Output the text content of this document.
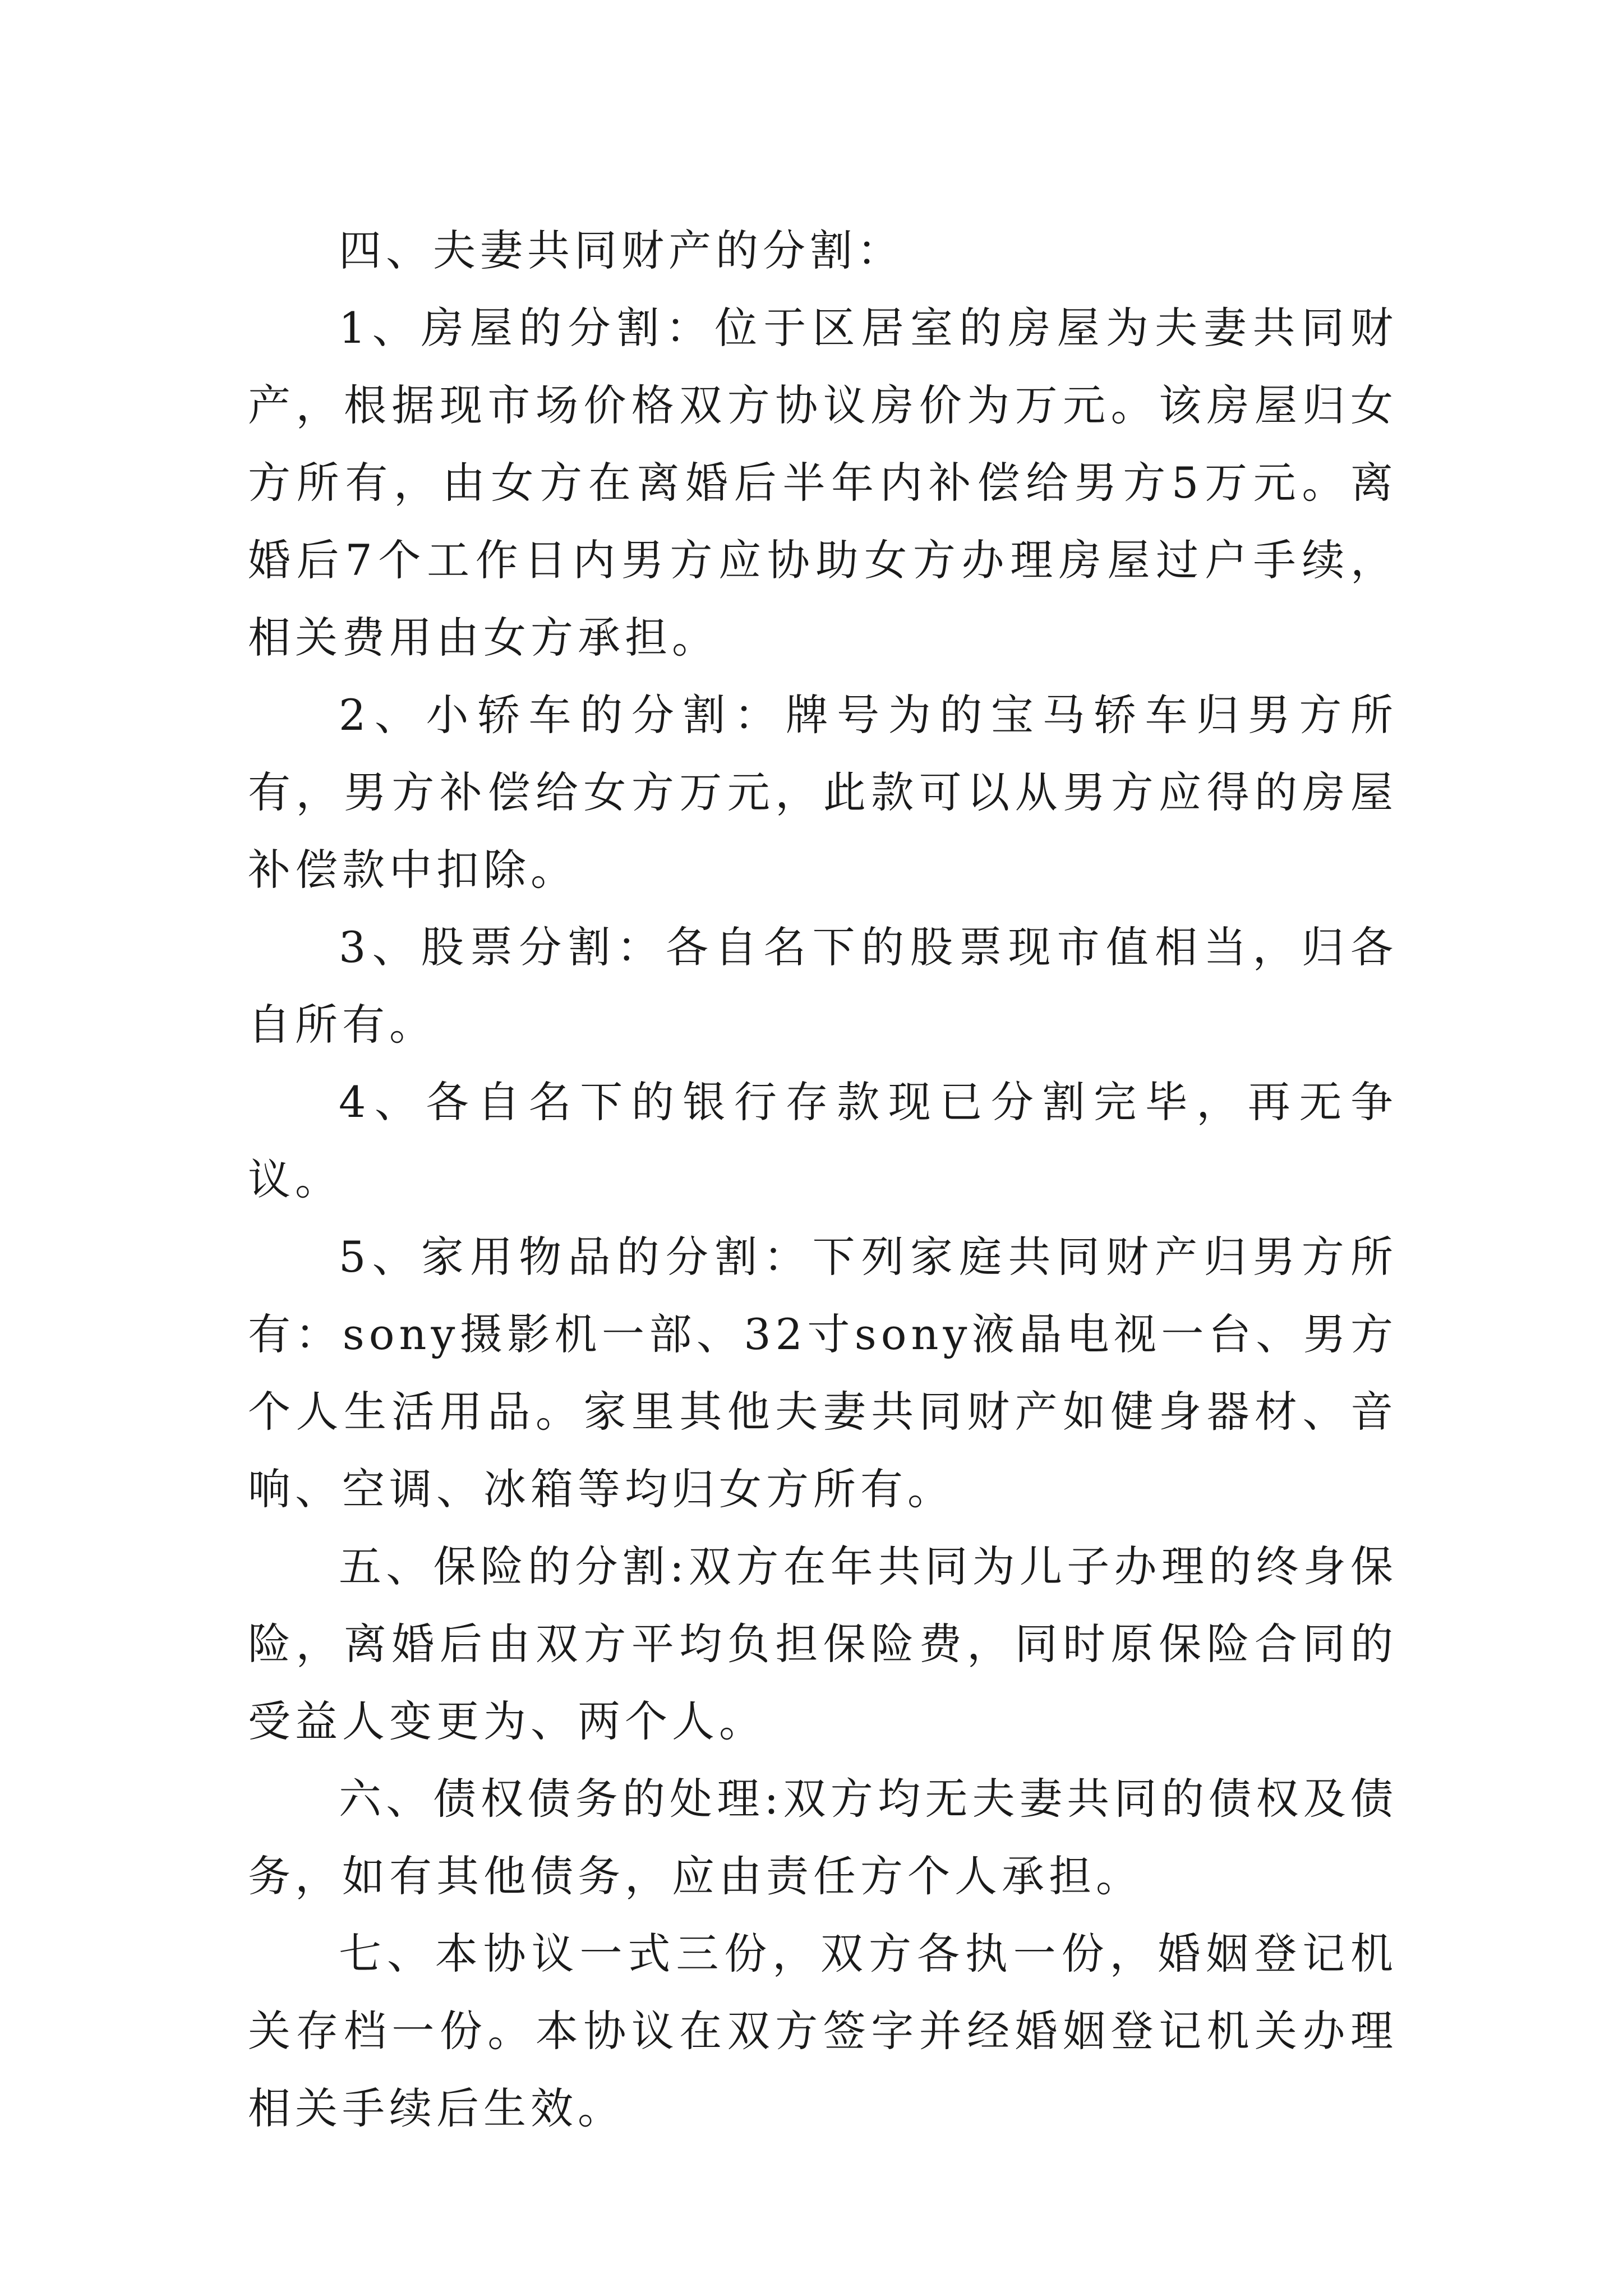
四、夫妻共同财产的分割：

1、房屋的分割：位于区居室的房屋为夫妻共同财产，根据现市场价格双方协议房价为万元。该房屋归女方所有，由女方在离婚后半年内补偿给男方5万元。离婚后7个工作日内男方应协助女方办理房屋过户手续，相关费用由女方承担。

2、小轿车的分割：牌号为的宝马轿车归男方所有，男方补偿给女方万元，此款可以从男方应得的房屋补偿款中扣除。

3、股票分割：各自名下的股票现市值相当，归各自所有。

4、各自名下的银行存款现已分割完毕，再无争议。

5、家用物品的分割：下列家庭共同财产归男方所有：sony摄影机一部、32寸sony液晶电视一台、男方个人生活用品。家里其他夫妻共同财产如健身器材、音响、空调、冰箱等均归女方所有。

五、保险的分割:双方在年共同为儿子办理的终身保险，离婚后由双方平均负担保险费，同时原保险合同的受益人变更为、两个人。

六、债权债务的处理:双方均无夫妻共同的债权及债务，如有其他债务，应由责任方个人承担。

七、本协议一式三份，双方各执一份，婚姻登记机关存档一份。本协议在双方签字并经婚姻登记机关办理相关手续后生效。
